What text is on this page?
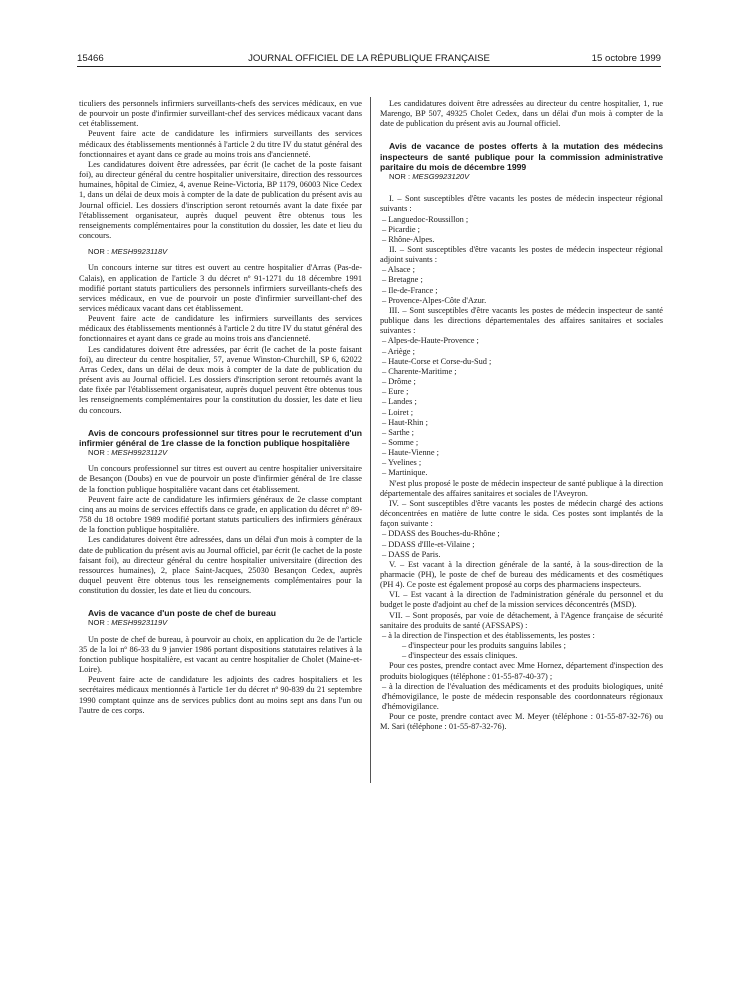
15466	JOURNAL OFFICIEL DE LA RÉPUBLIQUE FRANÇAISE	15 octobre 1999

ticuliers des personnels infirmiers surveillants-chefs des services médicaux, en vue de pourvoir un poste d'infirmier surveillant-chef des services médicaux vacant dans cet établissement.

Peuvent faire acte de candidature les infirmiers surveillants des services médicaux des établissements mentionnés à l'article 2 du titre IV du statut général des fonctionnaires et ayant dans ce grade au moins trois ans d'ancienneté.

Les candidatures doivent être adressées, par écrit (le cachet de la poste faisant foi), au directeur général du centre hospitalier universitaire, direction des ressources humaines, hôpital de Cimiez, 4, avenue Reine-Victoria, BP 1179, 06003 Nice Cedex 1, dans un délai de deux mois à compter de la date de publication du présent avis au Journal officiel. Les dossiers d'inscription seront retournés avant la date fixée par l'établissement organisateur, auprès duquel peuvent être obtenus tous les renseignements complémentaires pour la constitution du dossier, les date et lieu du concours.

NOR : MESH9923118V

Un concours interne sur titres est ouvert au centre hospitalier d'Arras (Pas-de-Calais), en application de l'article 3 du décret nº 91-1271 du 18 décembre 1991 modifié portant statuts particuliers des personnels infirmiers surveillants-chefs des services médicaux, en vue de pourvoir un poste d'infirmier surveillant-chef des services médicaux vacant dans cet établissement.

Peuvent faire acte de candidature les infirmiers surveillants des services médicaux des établissements mentionnés à l'article 2 du titre IV du statut général des fonctionnaires et ayant dans ce grade au moins trois ans d'ancienneté.

Les candidatures doivent être adressées, par écrit (le cachet de la poste faisant foi), au directeur du centre hospitalier, 57, avenue Winston-Churchill, SP 6, 62022 Arras Cedex, dans un délai de deux mois à compter de la date de publication du présent avis au Journal officiel. Les dossiers d'inscription seront retournés avant la date fixée par l'établissement organisateur, auprès duquel peuvent être obtenus tous les renseignements complémentaires pour la constitution du dossier, les date et lieu du concours.

Avis de concours professionnel sur titres pour le recrutement d'un infirmier général de 1re classe de la fonction publique hospitalière

NOR : MESH9923112V

Un concours professionnel sur titres est ouvert au centre hospitalier universitaire de Besançon (Doubs) en vue de pourvoir un poste d'infirmier général de 1re classe de la fonction publique hospitalière vacant dans cet établissement.

Peuvent faire acte de candidature les infirmiers généraux de 2e classe comptant cinq ans au moins de services effectifs dans ce grade, en application du décret nº 89-758 du 18 octobre 1989 modifié portant statuts particuliers des infirmiers généraux de la fonction publique hospitalière.

Les candidatures doivent être adressées, dans un délai d'un mois à compter de la date de publication du présent avis au Journal officiel, par écrit (le cachet de la poste faisant foi), au directeur général du centre hospitalier universitaire (direction des ressources humaines), 2, place Saint-Jacques, 25030 Besançon Cedex, auprès duquel peuvent être obtenus tous les renseignements complémentaires pour la constitution du dossier, les date et lieu du concours.

Avis de vacance d'un poste de chef de bureau

NOR : MESH9923119V

Un poste de chef de bureau, à pourvoir au choix, en application du 2e de l'article 35 de la loi nº 86-33 du 9 janvier 1986 portant dispositions statutaires relatives à la fonction publique hospitalière, est vacant au centre hospitalier de Cholet (Maine-et-Loire).

Peuvent faire acte de candidature les adjoints des cadres hospitaliers et les secrétaires médicaux mentionnés à l'article 1er du décret nº 90-839 du 21 septembre 1990 comptant quinze ans de services publics dont au moins sept ans dans l'un ou l'autre de ces corps.

Les candidatures doivent être adressées au directeur du centre hospitalier, 1, rue Marengo, BP 507, 49325 Cholet Cedex, dans un délai d'un mois à compter de la date de publication du présent avis au Journal officiel.

Avis de vacance de postes offerts à la mutation des médecins inspecteurs de santé publique pour la commission administrative paritaire du mois de décembre 1999

NOR : MESG9923120V

I. – Sont susceptibles d'être vacants les postes de médecin inspecteur régional suivants :

– Languedoc-Roussillon ;

– Picardie ;

– Rhône-Alpes.

II. – Sont susceptibles d'être vacants les postes de médecin inspecteur régional adjoint suivants :

– Alsace ;

– Bretagne ;

– Ile-de-France ;

– Provence-Alpes-Côte d'Azur.

III. – Sont susceptibles d'être vacants les postes de médecin inspecteur de santé publique dans les directions départementales des affaires sanitaires et sociales suivantes :

– Alpes-de-Haute-Provence ;

– Ariège ;

– Haute-Corse et Corse-du-Sud ;

– Charente-Maritime ;

– Drôme ;

– Eure ;

– Landes ;

– Loiret ;

– Haut-Rhin ;

– Sarthe ;

– Somme ;

– Haute-Vienne ;

– Yvelines ;

– Martinique.

N'est plus proposé le poste de médecin inspecteur de santé publique à la direction départementale des affaires sanitaires et sociales de l'Aveyron.

IV. – Sont susceptibles d'être vacants les postes de médecin chargé des actions déconcentrées en matière de lutte contre le sida. Ces postes sont implantés de la façon suivante :

– DDASS des Bouches-du-Rhône ;

– DDASS d'Ille-et-Vilaine ;

– DASS de Paris.

V. – Est vacant à la direction générale de la santé, à la sous-direction de la pharmacie (PH), le poste de chef de bureau des médicaments et des cosmétiques (PH 4). Ce poste est également proposé au corps des pharmaciens inspecteurs.

VI. – Est vacant à la direction de l'administration générale du personnel et du budget le poste d'adjoint au chef de la mission services déconcentrés (MSD).

VII. – Sont proposés, par voie de détachement, à l'Agence française de sécurité sanitaire des produits de santé (AFSSAPS) :

– à la direction de l'inspection et des établissements, les postes :

– d'inspecteur pour les produits sanguins labiles ;

– d'inspecteur des essais cliniques.

Pour ces postes, prendre contact avec Mme Hornez, département d'inspection des produits biologiques (téléphone : 01-55-87-40-37) ;

– à la direction de l'évaluation des médicaments et des produits biologiques, unité d'hémovigilance, le poste de médecin responsable des coordonnateurs régionaux d'hémovigilance.

Pour ce poste, prendre contact avec M. Meyer (téléphone : 01-55-87-32-76) ou M. Sari (téléphone : 01-55-87-32-76).
